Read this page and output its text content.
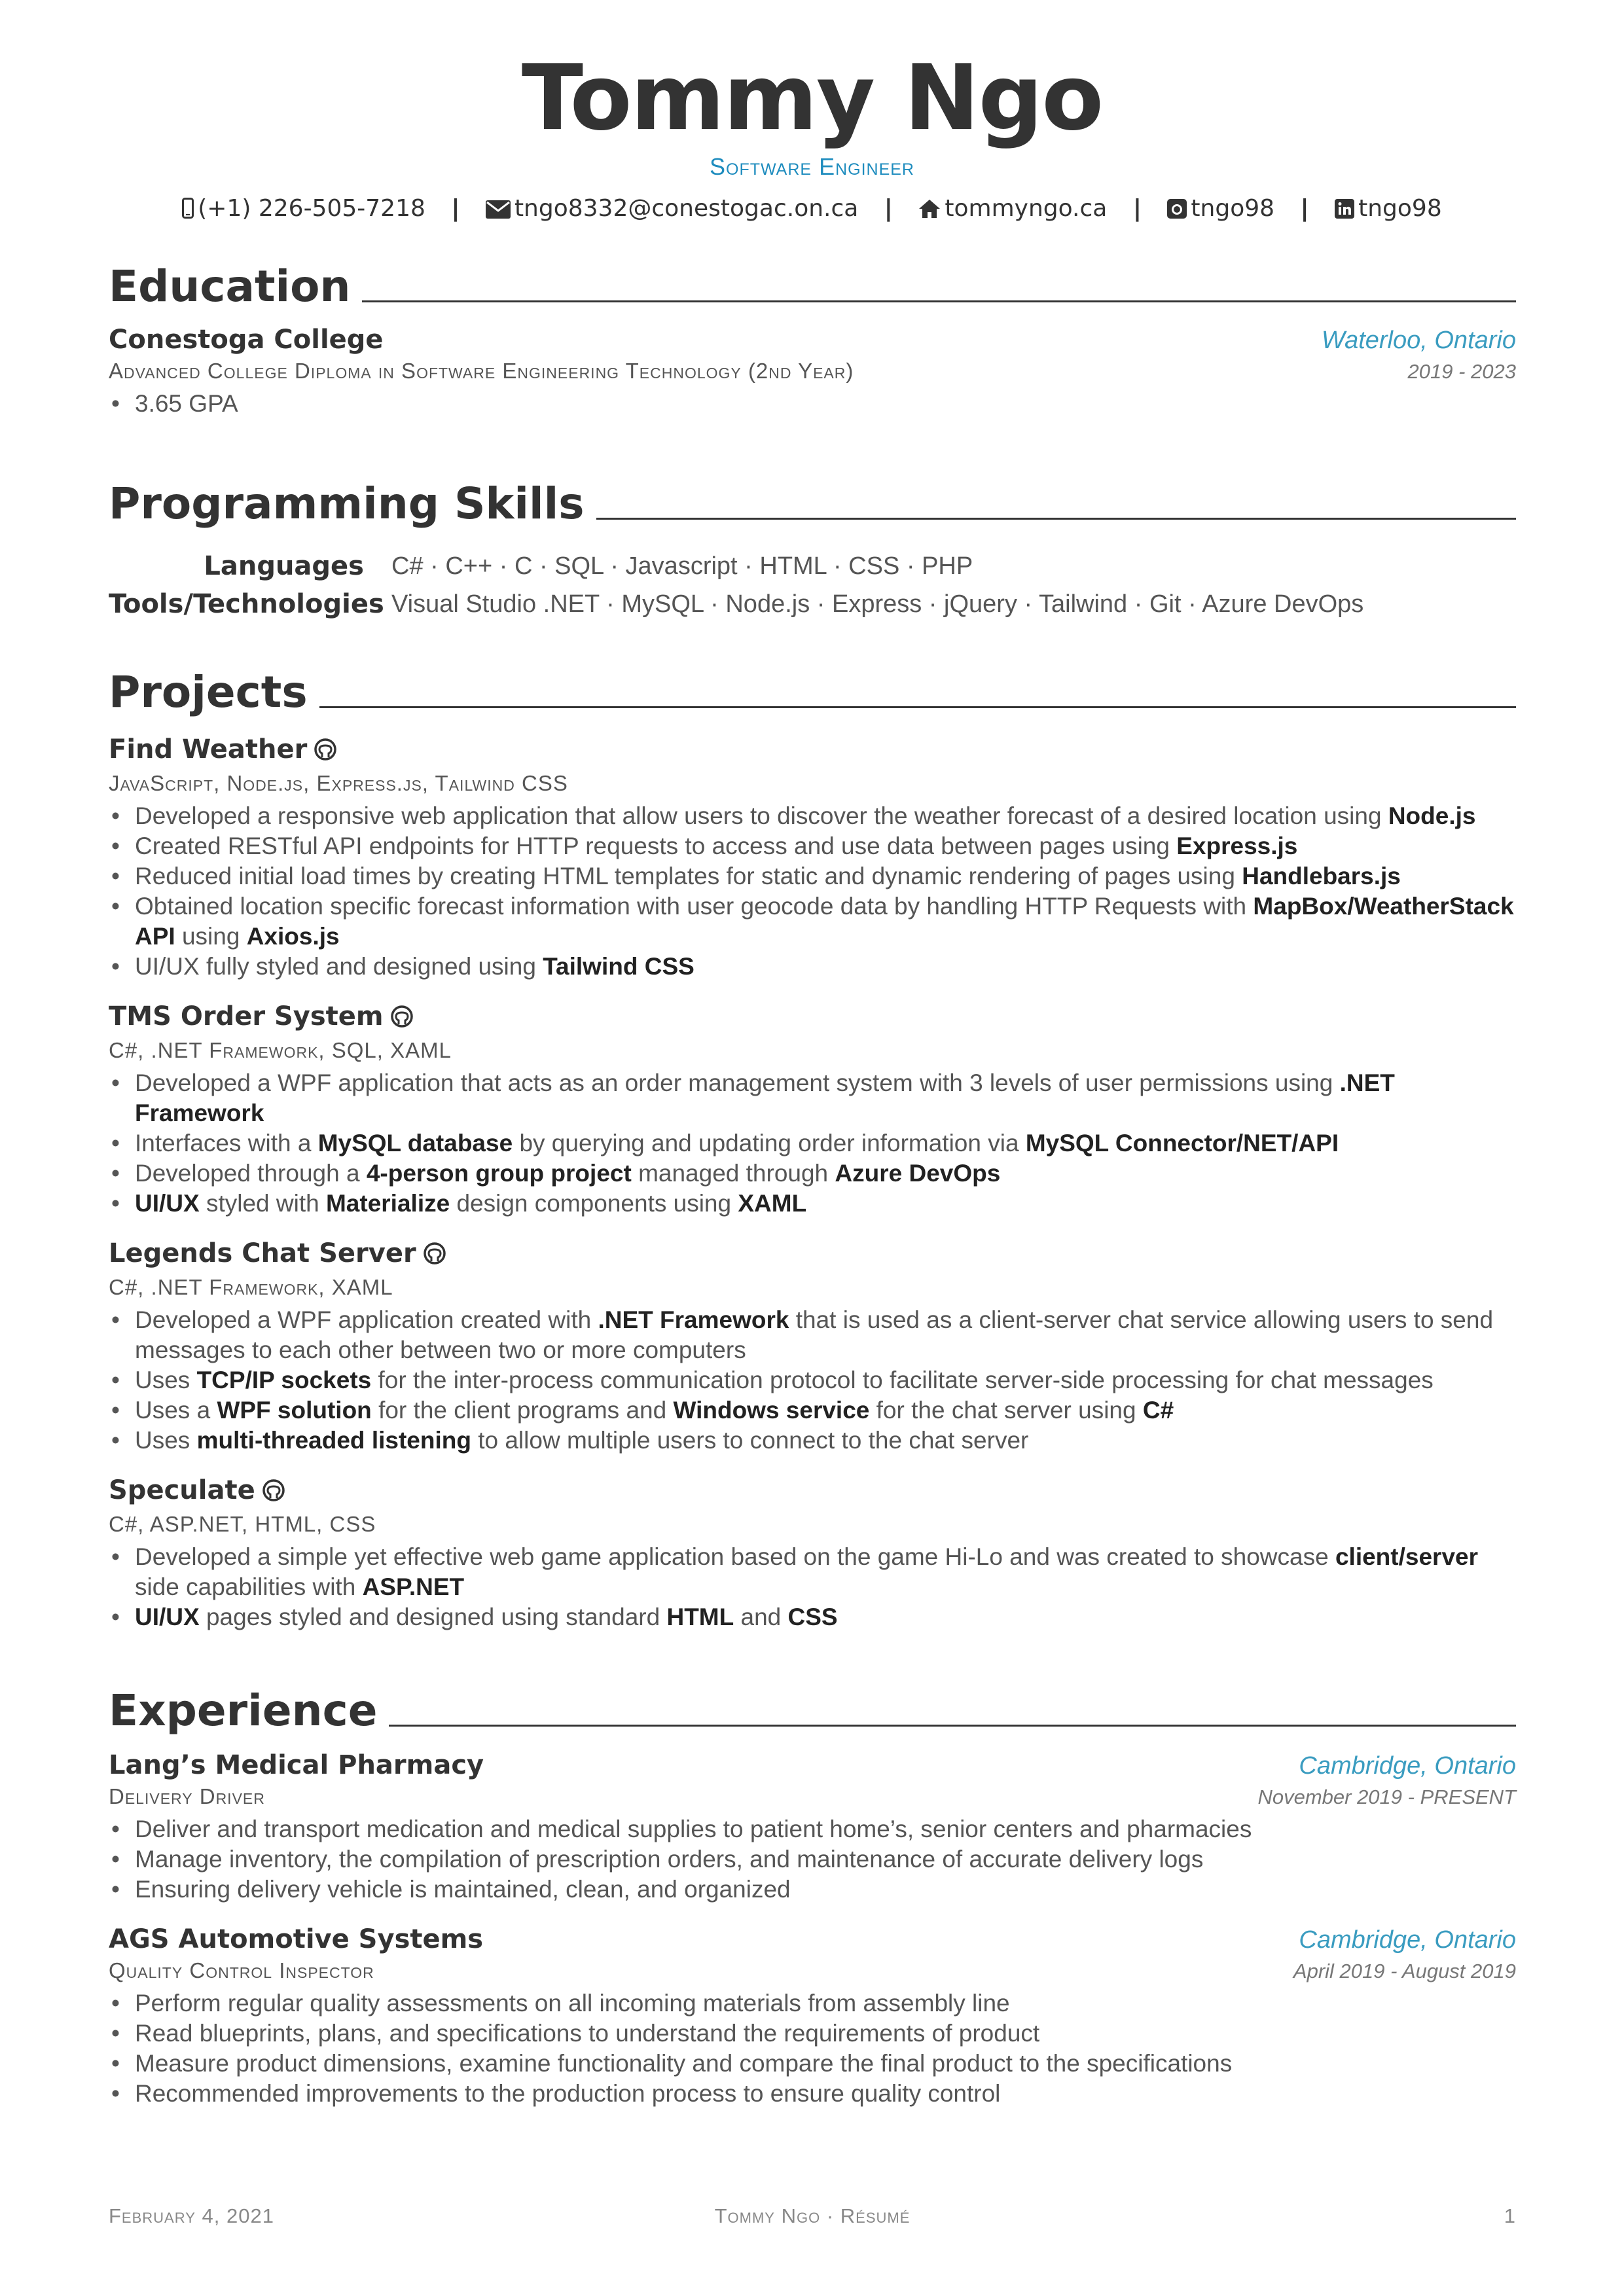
Tommy Ngo
Software Engineer
(+1) 226-505-7218 | tngo8332@conestogac.on.ca | tommyngo.ca | tngo98 | tngo98
Education
Conestoga College	Waterloo, Ontario
Advanced College Diploma in Software Engineering Technology (2nd Year)	2019 - 2023
• 3.65 GPA
Programming Skills
Languages C# · C++ · C · SQL · Javascript · HTML · CSS · PHP
Tools/Technologies Visual Studio .NET · MySQL · Node.js · Express · jQuery · Tailwind · Git · Azure DevOps
Projects
Find Weather
JavaScript, Node.js, Express.js, Tailwind CSS
• Developed a responsive web application that allow users to discover the weather forecast of a desired location using Node.js
• Created RESTful API endpoints for HTTP requests to access and use data between pages using Express.js
• Reduced initial load times by creating HTML templates for static and dynamic rendering of pages using Handlebars.js
• Obtained location specific forecast information with user geocode data by handling HTTP Requests with MapBox/WeatherStack API using Axios.js
• UI/UX fully styled and designed using Tailwind CSS
TMS Order System
C#, .NET Framework, SQL, XAML
• Developed a WPF application that acts as an order management system with 3 levels of user permissions using .NET Framework
• Interfaces with a MySQL database by querying and updating order information via MySQL Connector/NET/API
• Developed through a 4-person group project managed through Azure DevOps
• UI/UX styled with Materialize design components using XAML
Legends Chat Server
C#, .NET Framework, XAML
• Developed a WPF application created with .NET Framework that is used as a client-server chat service allowing users to send messages to each other between two or more computers
• Uses TCP/IP sockets for the inter-process communication protocol to facilitate server-side processing for chat messages
• Uses a WPF solution for the client programs and Windows service for the chat server using C#
• Uses multi-threaded listening to allow multiple users to connect to the chat server
Speculate
C#, ASP.NET, HTML, CSS
• Developed a simple yet effective web game application based on the game Hi-Lo and was created to showcase client/server side capabilities with ASP.NET
• UI/UX pages styled and designed using standard HTML and CSS
Experience
Lang’s Medical Pharmacy	Cambridge, Ontario
Delivery Driver	November 2019 - PRESENT
• Deliver and transport medication and medical supplies to patient home’s, senior centers and pharmacies
• Manage inventory, the compilation of prescription orders, and maintenance of accurate delivery logs
• Ensuring delivery vehicle is maintained, clean, and organized
AGS Automotive Systems	Cambridge, Ontario
Quality Control Inspector	April 2019 - August 2019
• Perform regular quality assessments on all incoming materials from assembly line
• Read blueprints, plans, and specifications to understand the requirements of product
• Measure product dimensions, examine functionality and compare the final product to the specifications
• Recommended improvements to the production process to ensure quality control
February 4, 2021	Tommy Ngo · Résumé	1
